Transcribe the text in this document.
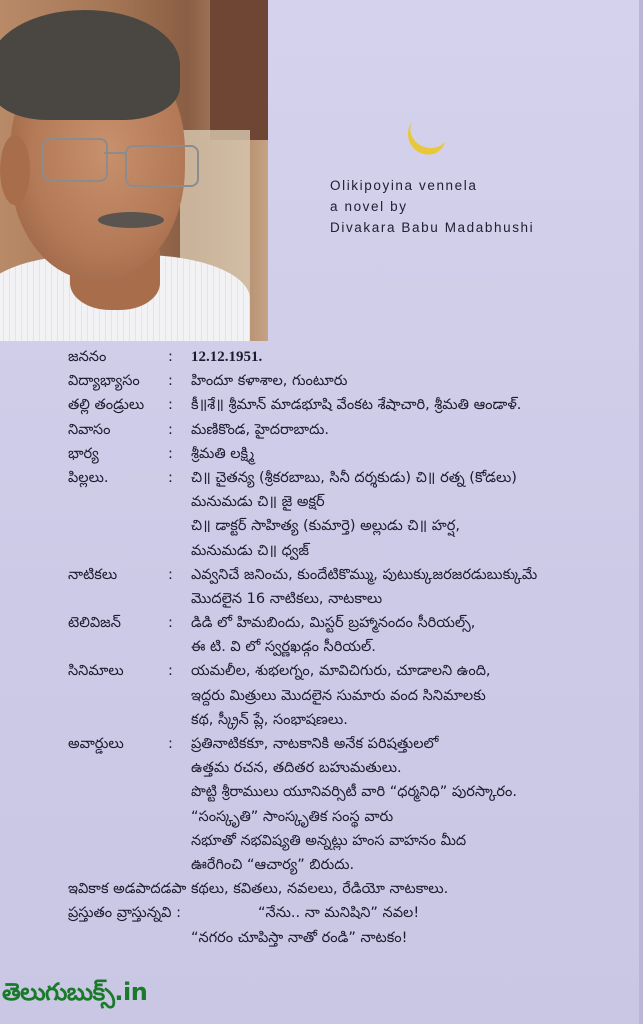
Olikipoyina vennela
a novel by
Divakara Babu Madabhushi
జననం	: 12.12.1951.
విద్యాభ్యాసం : హిందూ కళాశాల, గుంటూరు
తల్లి తండ్రులు : కీ॥శే॥ శ్రీమాన్ మాడభూషి వేంకట శేషాచారి, శ్రీమతి ఆండాళ్.
నివాసం	: మణికొండ, హైదరాబాదు.
భార్య	: శ్రీమతి లక్ష్మి
పిల్లలు.	: చి॥ చైతన్య (శ్రీకరబాబు, సినీ దర్శకుడు) చి॥ రత్న (కోడలు)
మనుమడు చి॥ జై అక్షర్
చి॥ డాక్టర్ సాహిత్య (కుమార్తె) అల్లుడు చి॥ హర్ష,
మనుమడు చి॥ ధ్వజ్
నాటికలు	: ఎవ్వనిచే జనించు, కుందేటికొమ్ము, పుటుక్కుజరజరడుబుక్కుమే
మొదలైన 16 నాటికలు, నాటకాలు
టెలివిజన్	: డిడి లో హిమబిందు, మిస్టర్ బ్రహ్మానందం సీరియల్స్,
ఈ టి. వి లో స్వర్ణఖడ్గం సీరియల్.
సినిమాలు	: యమలీల, శుభలగ్నం, మావిచిగురు, చూడాలని ఉంది,
ఇద్దరు మిత్రులు మొదలైన సుమారు వంద సినిమాలకు
కథ, స్క్రీన్ ప్లే, సంభాషణలు.
అవార్డులు	: ప్రతినాటికకూ, నాటకానికి అనేక పరిషత్తులలో
ఉత్తమ రచన, తదితర బహుమతులు.
పొట్టి శ్రీరాములు యూనివర్సిటీ వారి “ధర్మనిధి” పురస్కారం.
“సంస్కృతి” సాంస్కృతిక సంస్థ వారు
నభూతో నభవిష్యతి అన్నట్లు హంస వాహనం మీద
ఊరేగించి “ఆచార్య” బిరుదు.
ఇవికాక అడపాదడపా కథలు, కవితలు, నవలలు, రేడియో నాటకాలు.
ప్రస్తుతం వ్రాస్తున్నవి :	“నేను.. నా మనిషిని” నవల!
“నగరం చూపిస్తా నాతో రండి” నాటకం!
తెలుగుబుక్స్.in
